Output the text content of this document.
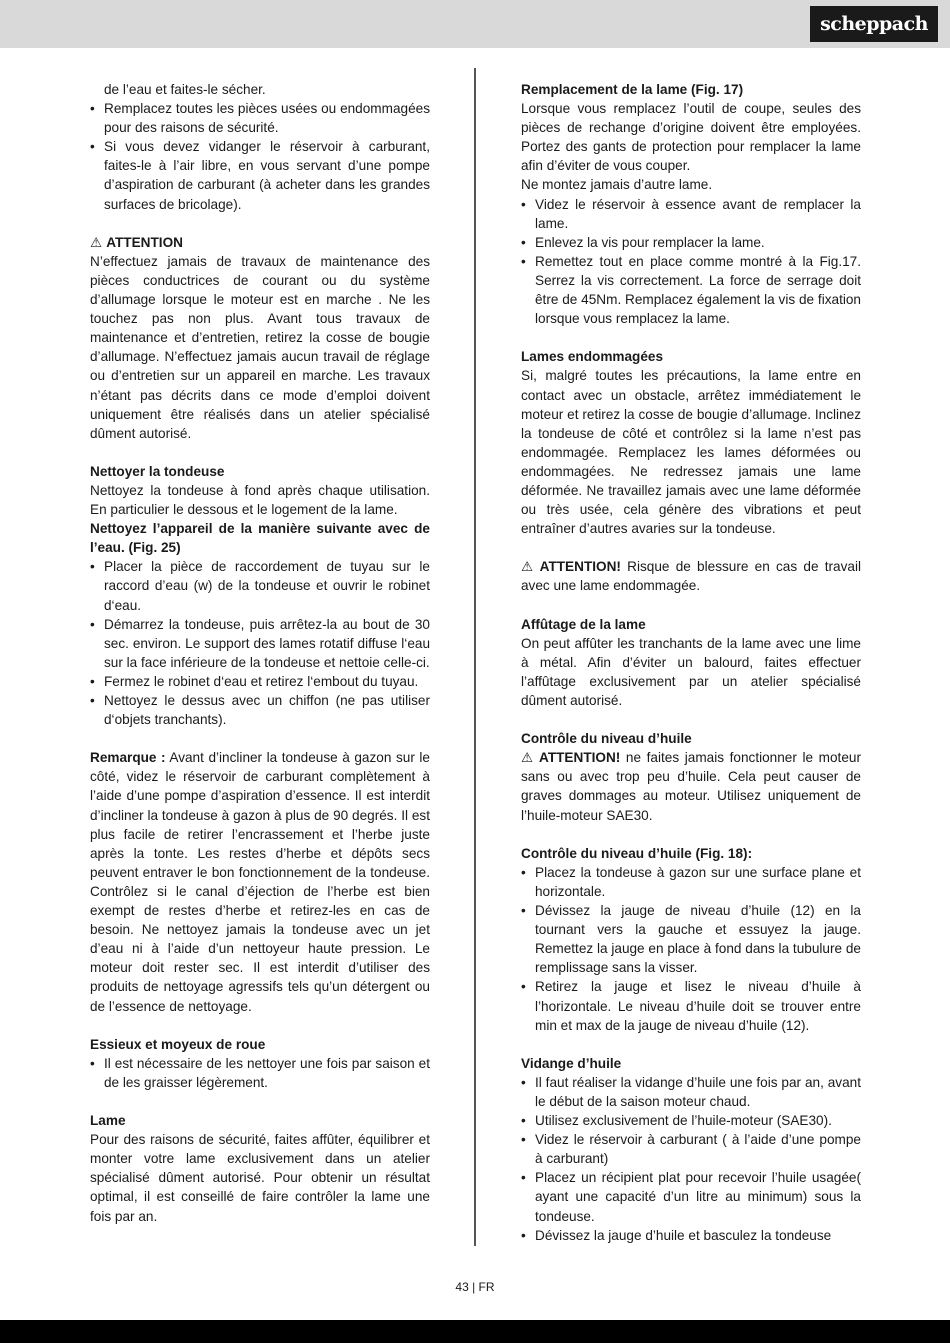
scheppach

de l’eau et faites-le sécher.

• Remplacez toutes les pièces usées ou endommagées pour des raisons de sécurité.
• Si vous devez vidanger le réservoir à carburant, faites-le à l’air libre, en vous servant d’une pompe d’aspiration de carburant (à acheter dans les grandes surfaces de bricolage).

⚠ ATTENTION

N’effectuez jamais de travaux de maintenance des pièces conductrices de courant ou du système d’allumage lorsque le moteur est en marche . Ne les touchez pas non plus. Avant tous travaux de maintenance et d’entretien, retirez la cosse de bougie d’allumage. N’effectuez jamais aucun travail de réglage ou d’entretien sur un appareil en marche. Les travaux n’étant pas décrits dans ce mode d’emploi doivent uniquement être réalisés dans un atelier spécialisé dûment autorisé.

Nettoyer la tondeuse

Nettoyez la tondeuse à fond après chaque utilisation. En particulier le dessous et le logement de la lame.

Nettoyez l’appareil de la manière suivante avec de l’eau. (Fig. 25)

• Placer la pièce de raccordement de tuyau sur le raccord d’eau (w) de la tondeuse et ouvrir le robinet d‘eau.
• Démarrez la tondeuse, puis arrêtez-la au bout de 30 sec. environ. Le support des lames rotatif diffuse l‘eau sur la face inférieure de la tondeuse et nettoie celle-ci.
• Fermez le robinet d‘eau et retirez l‘embout du tuyau.
• Nettoyez le dessus avec un chiffon (ne pas utiliser d‘objets tranchants).

Remarque : Avant d’incliner la tondeuse à gazon sur le côté, videz le réservoir de carburant complètement à l’aide d’une pompe d’aspiration d’essence. Il est interdit d’incliner la tondeuse à gazon à plus de 90 degrés. Il est plus facile de retirer l’encrassement et l’herbe juste après la tonte. Les restes d’herbe et dépôts secs peuvent entraver le bon fonctionnement de la tondeuse. Contrôlez si le canal d’éjection de l’herbe est bien exempt de restes d’herbe et retirez-les en cas de besoin. Ne nettoyez jamais la tondeuse avec un jet d’eau ni à l’aide d’un nettoyeur haute pression. Le moteur doit rester sec. Il est interdit d’utiliser des produits de nettoyage agressifs tels qu’un détergent ou de l’essence de nettoyage.

Essieux et moyeux de roue

• Il est nécessaire de les nettoyer une fois par saison et de les graisser légèrement.

Lame

Pour des raisons de sécurité, faites affûter, équilibrer et monter votre lame exclusivement dans un atelier spécialisé dûment autorisé. Pour obtenir un résultat optimal, il est conseillé de faire contrôler la lame une fois par an.

Remplacement de la lame (Fig. 17)

Lorsque vous remplacez l’outil de coupe, seules des pièces de rechange d’origine doivent être employées. Portez des gants de protection pour remplacer la lame afin d’éviter de vous couper.

Ne montez jamais d’autre lame.

• Videz le réservoir à essence avant de remplacer la lame.
• Enlevez la vis pour remplacer la lame.
• Remettez tout en place comme montré à la Fig.17. Serrez la vis correctement. La force de serrage doit être de 45Nm. Remplacez également la vis de fixation lorsque vous remplacez la lame.

Lames endommagées

Si, malgré toutes les précautions, la lame entre en contact avec un obstacle, arrêtez immédiatement le moteur et retirez la cosse de bougie d’allumage. Inclinez la tondeuse de côté et contrôlez si la lame n’est pas endommagée. Remplacez les lames déformées ou endommagées. Ne redressez jamais une lame déformée. Ne travaillez jamais avec une lame déformée ou très usée, cela génère des vibrations et peut entraîner d’autres avaries sur la tondeuse.

⚠ ATTENTION! Risque de blessure en cas de travail avec une lame endommagée.

Affûtage de la lame

On peut affûter les tranchants de la lame avec une lime à métal. Afin d’éviter un balourd, faites effectuer l’affûtage exclusivement par un atelier spécialisé dûment autorisé.

Contrôle du niveau d’huile

⚠ ATTENTION! ne faites jamais fonctionner le moteur sans ou avec trop peu d’huile. Cela peut causer de graves dommages au moteur. Utilisez uniquement de l’huile-moteur SAE30.

Contrôle du niveau d’huile (Fig. 18):

• Placez la tondeuse à gazon sur une surface plane et horizontale.
• Dévissez la jauge de niveau d’huile (12) en la tournant vers la gauche et essuyez la jauge. Remettez la jauge en place à fond dans la tubulure de remplissage sans la visser.
• Retirez la jauge et lisez le niveau d’huile à l’horizontale. Le niveau d’huile doit se trouver entre min et max de la jauge de niveau d’huile (12).

Vidange d’huile

• Il faut réaliser la vidange d’huile une fois par an, avant le début de la saison moteur chaud.
• Utilisez exclusivement de l’huile-moteur (SAE30).
• Videz le réservoir à carburant ( à l’aide d’une pompe à carburant)
• Placez un récipient plat pour recevoir l’huile usagée( ayant une capacité d’un litre au minimum) sous la tondeuse.
• Dévissez la jauge d’huile et basculez la tondeuse
43 | FR
